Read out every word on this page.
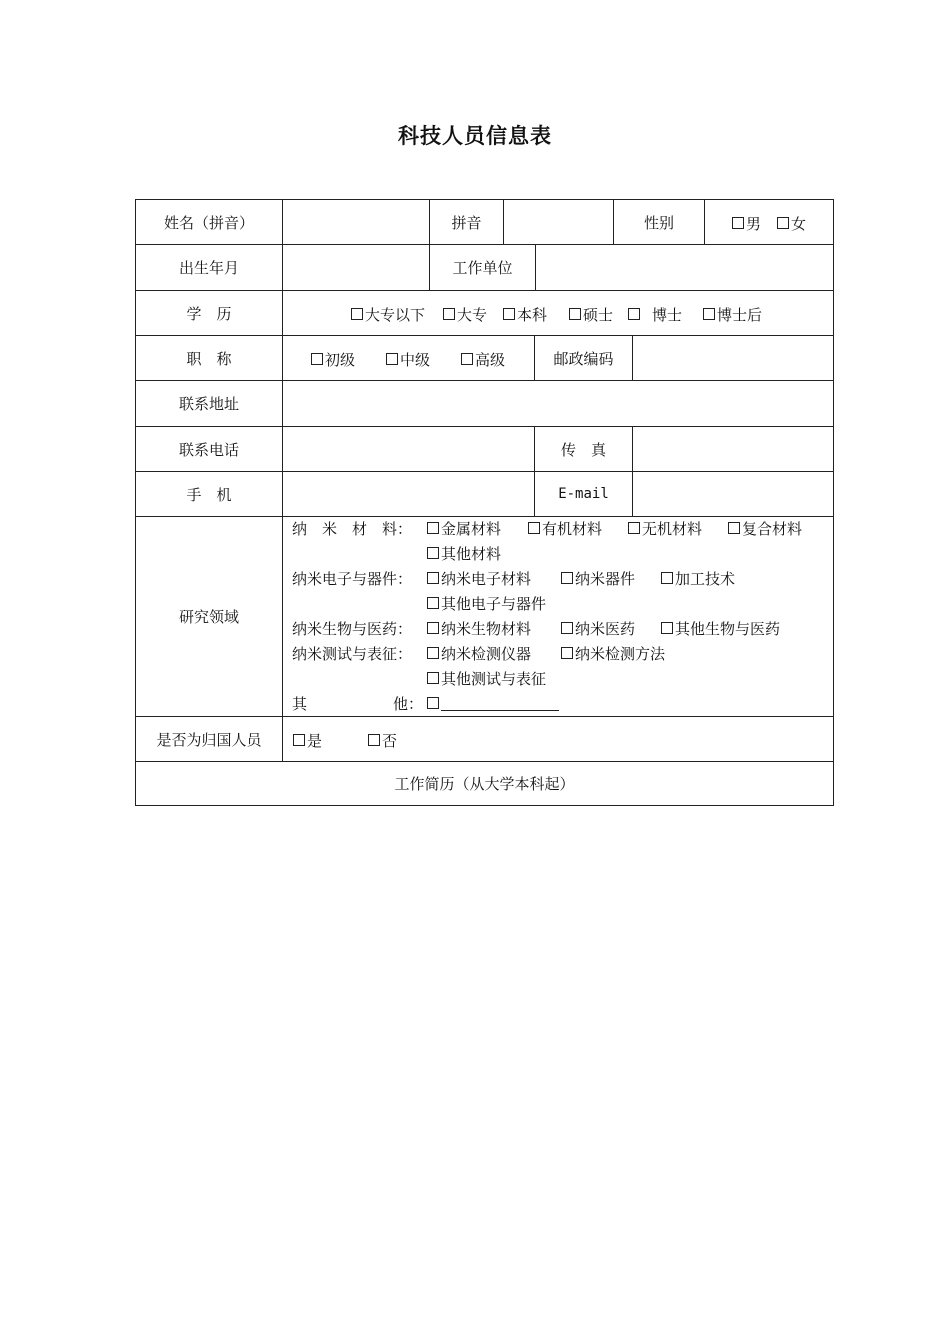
科技人员信息表
姓名（拼音）	拼音	性别	男	女
出生年月	工作单位
学　历	大专以下	大专	本科	硕士	博士	博士后
职　称	初级	中级	高级	邮政编码
联系地址
联系电话	传　真
手　机	E-mail
研究领域
纳　米　材　料：	金属材料	有机材料	无机材料	复合材料
其他材料
纳米电子与器件：	纳米电子材料	纳米器件	加工技术
其他电子与器件
纳米生物与医药：	纳米生物材料	纳米医药	其他生物与医药
纳米测试与表征：	纳米检测仪器	纳米检测方法
其他测试与表征
其	他：
是否为归国人员	是	否
工作简历（从大学本科起）
